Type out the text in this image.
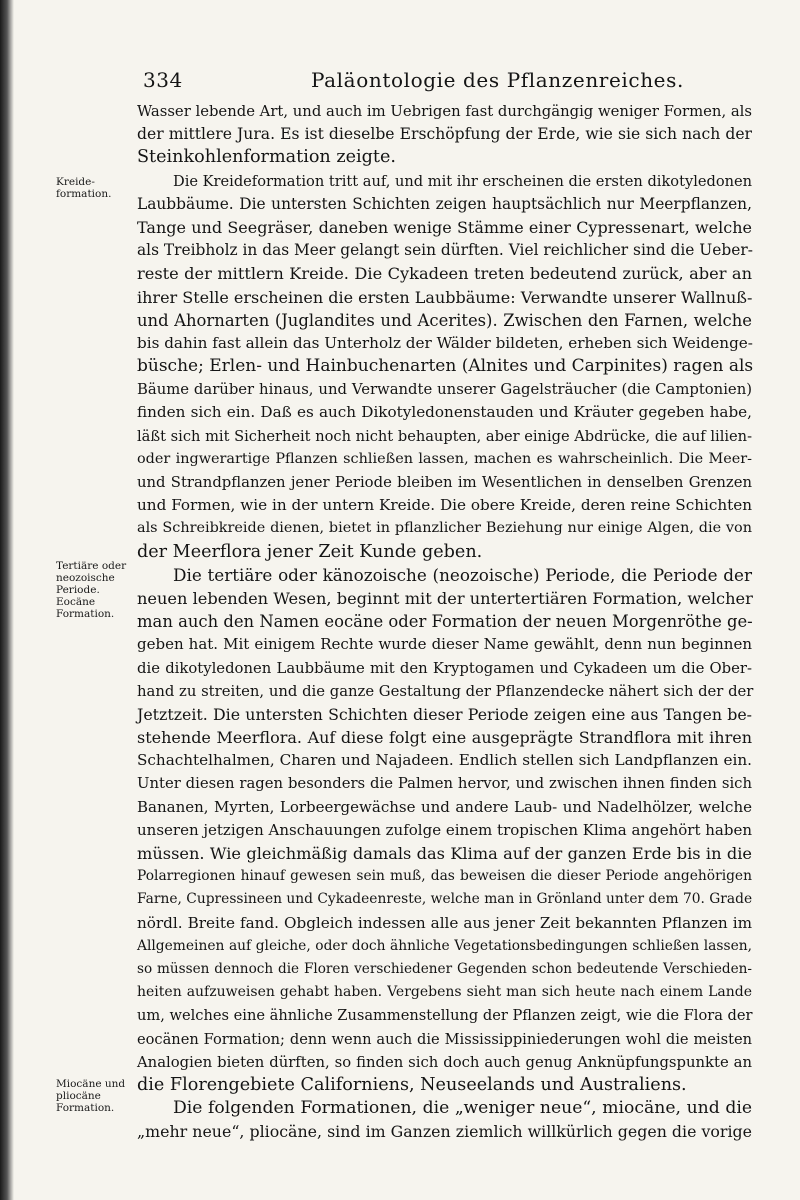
334	Paläontologie des Pflanzenreiches.
Kreide-
formation.
Tertiäre oder
neozoische
Periode.
Eocäne
Formation.
Miocäne und
pliocäne
Formation.
Wasser lebende Art, und auch im Uebrigen fast durchgängig weniger Formen, als
der mittlere Jura. Es ist dieselbe Erschöpfung der Erde, wie sie sich nach der
Steinkohlenformation zeigte.
Die Kreideformation tritt auf, und mit ihr erscheinen die ersten dikotyledonen
Laubbäume. Die untersten Schichten zeigen hauptsächlich nur Meerpflanzen,
Tange und Seegräser, daneben wenige Stämme einer Cypressenart, welche
als Treibholz in das Meer gelangt sein dürften. Viel reichlicher sind die Ueber-
reste der mittlern Kreide. Die Cykadeen treten bedeutend zurück, aber an
ihrer Stelle erscheinen die ersten Laubbäume: Verwandte unserer Wallnuß-
und Ahornarten (Juglandites und Acerites). Zwischen den Farnen, welche
bis dahin fast allein das Unterholz der Wälder bildeten, erheben sich Weidenge-
büsche; Erlen- und Hainbuchenarten (Alnites und Carpinites) ragen als
Bäume darüber hinaus, und Verwandte unserer Gagelsträucher (die Camptonien)
finden sich ein. Daß es auch Dikotyledonenstauden und Kräuter gegeben habe,
läßt sich mit Sicherheit noch nicht behaupten, aber einige Abdrücke, die auf lilien-
oder ingwerartige Pflanzen schließen lassen, machen es wahrscheinlich. Die Meer-
und Strandpflanzen jener Periode bleiben im Wesentlichen in denselben Grenzen
und Formen, wie in der untern Kreide. Die obere Kreide, deren reine Schichten
als Schreibkreide dienen, bietet in pflanzlicher Beziehung nur einige Algen, die von
der Meerflora jener Zeit Kunde geben.
Die tertiäre oder känozoische (neozoische) Periode, die Periode der
neuen lebenden Wesen, beginnt mit der untertertiären Formation, welcher
man auch den Namen eocäne oder Formation der neuen Morgenröthe ge-
geben hat. Mit einigem Rechte wurde dieser Name gewählt, denn nun beginnen
die dikotyledonen Laubbäume mit den Kryptogamen und Cykadeen um die Ober-
hand zu streiten, und die ganze Gestaltung der Pflanzendecke nähert sich der der
Jetztzeit. Die untersten Schichten dieser Periode zeigen eine aus Tangen be-
stehende Meerflora. Auf diese folgt eine ausgeprägte Strandflora mit ihren
Schachtelhalmen, Charen und Najadeen. Endlich stellen sich Landpflanzen ein.
Unter diesen ragen besonders die Palmen hervor, und zwischen ihnen finden sich
Bananen, Myrten, Lorbeergewächse und andere Laub- und Nadelhölzer, welche
unseren jetzigen Anschauungen zufolge einem tropischen Klima angehört haben
müssen. Wie gleichmäßig damals das Klima auf der ganzen Erde bis in die
Polarregionen hinauf gewesen sein muß, das beweisen die dieser Periode angehörigen
Farne, Cupressineen und Cykadeenreste, welche man in Grönland unter dem 70. Grade
nördl. Breite fand. Obgleich indessen alle aus jener Zeit bekannten Pflanzen im
Allgemeinen auf gleiche, oder doch ähnliche Vegetationsbedingungen schließen lassen,
so müssen dennoch die Floren verschiedener Gegenden schon bedeutende Verschieden-
heiten aufzuweisen gehabt haben. Vergebens sieht man sich heute nach einem Lande
um, welches eine ähnliche Zusammenstellung der Pflanzen zeigt, wie die Flora der
eocänen Formation; denn wenn auch die Mississippiniederungen wohl die meisten
Analogien bieten dürften, so finden sich doch auch genug Anknüpfungspunkte an
die Florengebiete Californiens, Neuseelands und Australiens.
Die folgenden Formationen, die „weniger neue“, miocäne, und die
„mehr neue“, pliocäne, sind im Ganzen ziemlich willkürlich gegen die vorige
